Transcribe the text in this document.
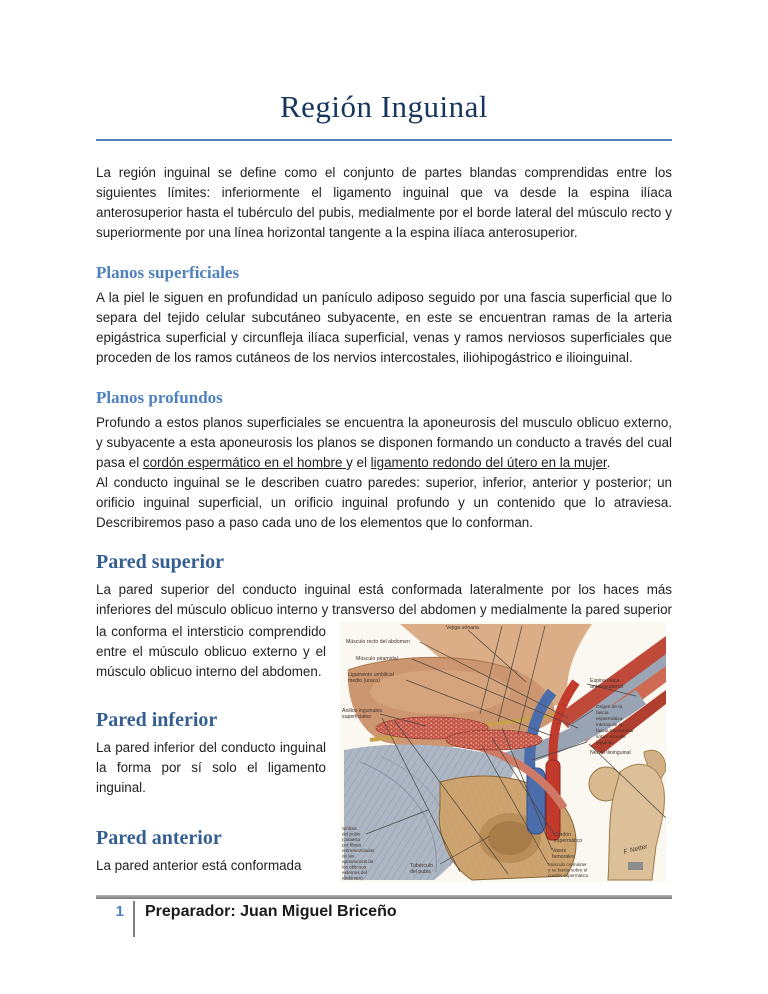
Región Inguinal

La región inguinal se define como el conjunto de partes blandas comprendidas entre los siguientes límites: inferiormente el ligamento inguinal que va desde la espina ilíaca anterosuperior hasta el tubérculo del pubis, medialmente por el borde lateral del músculo recto y superiormente por una línea horizontal tangente a la espina ilíaca anterosuperior.

Planos superficiales

A la piel le siguen en profundidad un panículo adiposo seguido por una fascia superficial que lo separa del tejido celular subcutáneo subyacente, en este se encuentran ramas de la arteria epigástrica superficial y circunfleja ilíaca superficial, venas y ramos nerviosos superficiales que proceden de los ramos cutáneos de los nervios intercostales, iliohipogástrico e ilioinguinal.

Planos profundos

Profundo a estos planos superficiales se encuentra la aponeurosis del musculo oblicuo externo, y subyacente a esta aponeurosis los planos se disponen formando un conducto a través del cual pasa el cordón espermático en el hombre y el ligamento redondo del útero en la mujer.

Al conducto inguinal se le describen cuatro paredes: superior, inferior, anterior y posterior; un orificio inguinal superficial, un orificio inguinal profundo y un contenido que lo atraviesa. Describiremos paso a paso cada uno de los elementos que lo conforman.

Pared superior

La pared superior del conducto inguinal está conformada lateralmente por los haces más inferiores del músculo oblicuo interno y transverso del abdomen y medialmente la pared superior

Vejiga urinaria
Músculo recto del abdomen
Músculo piramidal
Ligamento umbilical
medio (uraco)
Anillos inguinales
superficiales
Espina ilíaca
anterosuperior
Origen de la
fascia
espermática
interna de la
fascia transversal
sobre el anillo
inguinal
Nervio ilioinguinal
Sínfisis
del pubis
(cubierta
por fibras
entremezcladas
de las
aponeurosis de
los oblicuos
externos del
abdomen)
Tubérculo
del pubis
Cordón
espermático
Vasos
femorales
Músculo cremáster
y su fascia sobre el
cordón espermático
F. Netter

la conforma el intersticio comprendido entre el músculo oblicuo externo y el músculo oblicuo interno del abdomen.

Pared inferior

La pared inferior del conducto inguinal la forma por sí solo el ligamento inguinal.

Pared anterior

La pared anterior está conformada

1	Preparador: Juan Miguel Briceño
